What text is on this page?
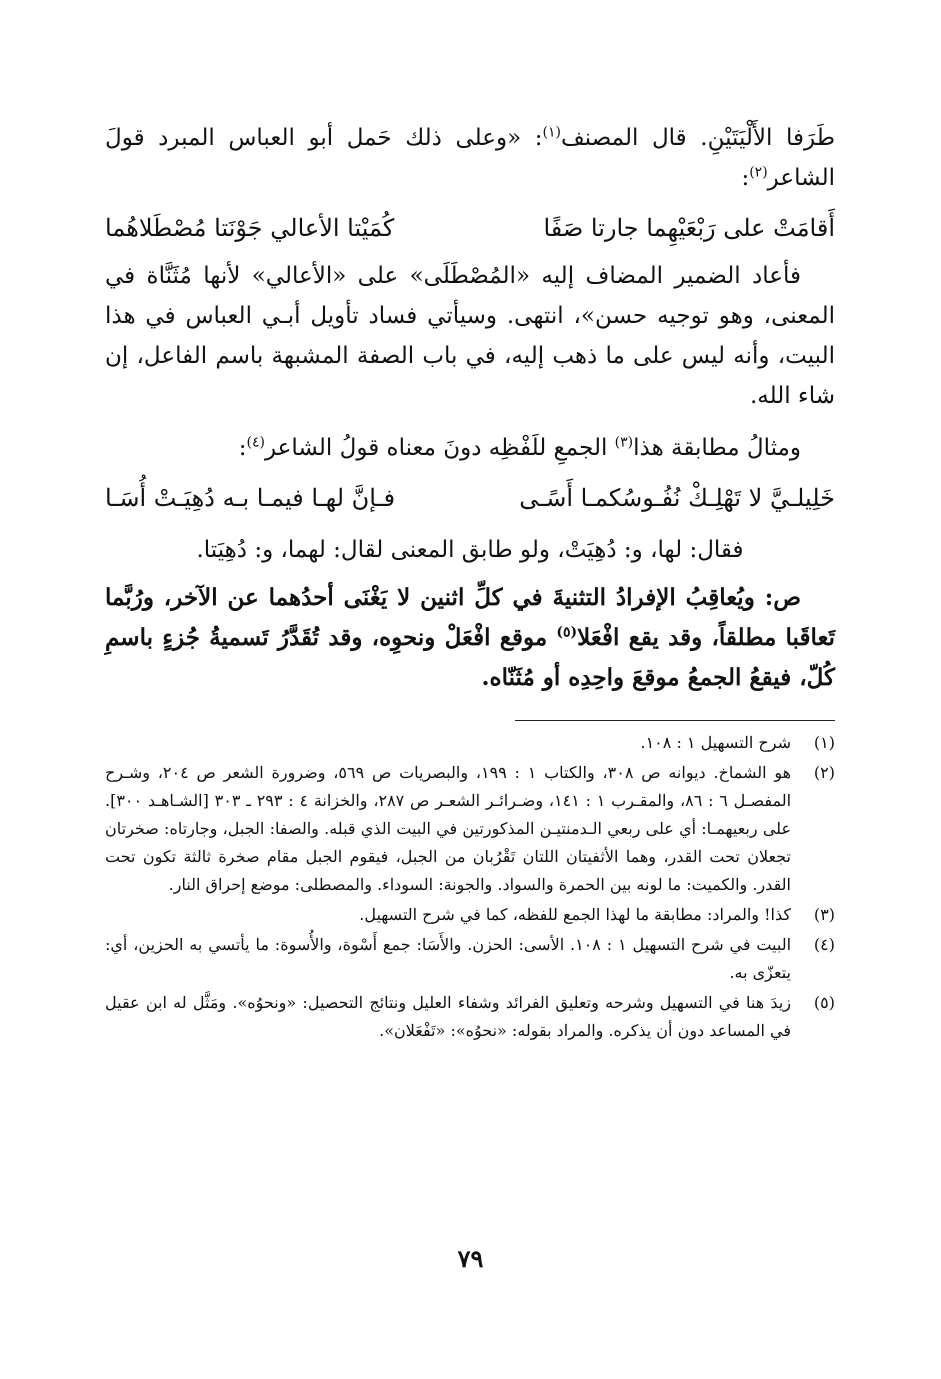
طَرَفا الأَلْيَتَيْنِ. قال المصنف$^{(١)}$: «وعلى ذلك حَمل أبو العباس المبرد قولَ الشاعر$^{(٢)}$:

أَقامَتْ على رَبْعَيْهِما جارتا صَفًا
كُمَيْتا الأعالي جَوْنَتا مُصْطَلاهُما

فأعاد الضمير المضاف إليه «المُصْطَلَى» على «الأعالي» لأنها مُثَنَّاة في المعنى، وهو توجيه حسن»، انتهى. وسيأتي فساد تأويل أبـي العباس في هذا البيت، وأنه ليس على ما ذهب إليه، في باب الصفة المشبهة باسم الفاعل، إن شاء الله.

ومثالُ مطابقة هذا$^{(٣)}$ الجمعِ للَفْظِه دونَ معناه قولُ الشاعر$^{(٤)}$:

خَلِيلـيَّ لا تَهْلِـكْ نُفُـوسُكمـا أَسًـى
فـإنَّ لهـا فيمـا بـه دُهِيَـتْ أُسَـا
فقال: لها، و: دُهِيَتْ، ولو طابق المعنى لقال: لهما، و: دُهِيَتا.

ص: ويُعاقِبُ الإفرادُ التثنيةَ في كلِّ اثنين لا يَغْنَى أحدُهما عن الآخر، ورُبَّما تَعاقَبا مطلقاً، وقد يقع افْعَلا$^{(٥)}$ موقع افْعَلْ ونحوِه، وقد تُقَدَّرُ تَسميةُ جُزءٍ باسمِ كُلّ، فيقعُ الجمعُ موقعَ واحِدِه أو مُثَنّاه.

(١)
شرح التسهيل ١ : ١٠٨.
(٢)
هو الشماخ. ديوانه ص ٣٠٨، والكتاب ١ : ١٩٩، والبصريات ص ٥٦٩، وضرورة الشعر ص ٢٠٤، وشـرح المفصـل ٦ : ٨٦، والمقـرب ١ : ١٤١، وضـرائـر الشعـر ص ٢٨٧، والخزانة ٤ : ٢٩٣ ـ ٣٠٣ [الشـاهـد ٣٠٠]. على ربعيهمـا: أي على ربعي الـدمنتيـن المذكورتين في البيت الذي قبله. والصفا: الجبل، وجارتاه: صخرتان تجعلان تحت القدر، وهما الأثفيتان اللتان تَقْرُبان من الجبل، فيقوم الجبل مقام صخرة ثالثة تكون تحت القدر. والكميت: ما لونه بين الحمرة والسواد. والجونة: السوداء. والمصطلى: موضع إحراق النار.
(٣)
كذا! والمراد: مطابقة ما لهذا الجمع للفظه، كما في شرح التسهيل.
(٤)
البيت في شرح التسهيل ١ : ١٠٨. الأسى: الحزن. والأَسَا: جمع أَسْوة، والأُسوة: ما يأتسي به الحزين، أي: يتعزّى به.
(٥)
زيدَ هنا في التسهيل وشرحه وتعليق الفرائد وشفاء العليل ونتائج التحصيل: «ونحوُه». ومَثَّل له ابن عقيل في المساعد دون أن يذكره. والمراد بقوله: «نحوُه»: «تَفْعَلان».
٧٩
